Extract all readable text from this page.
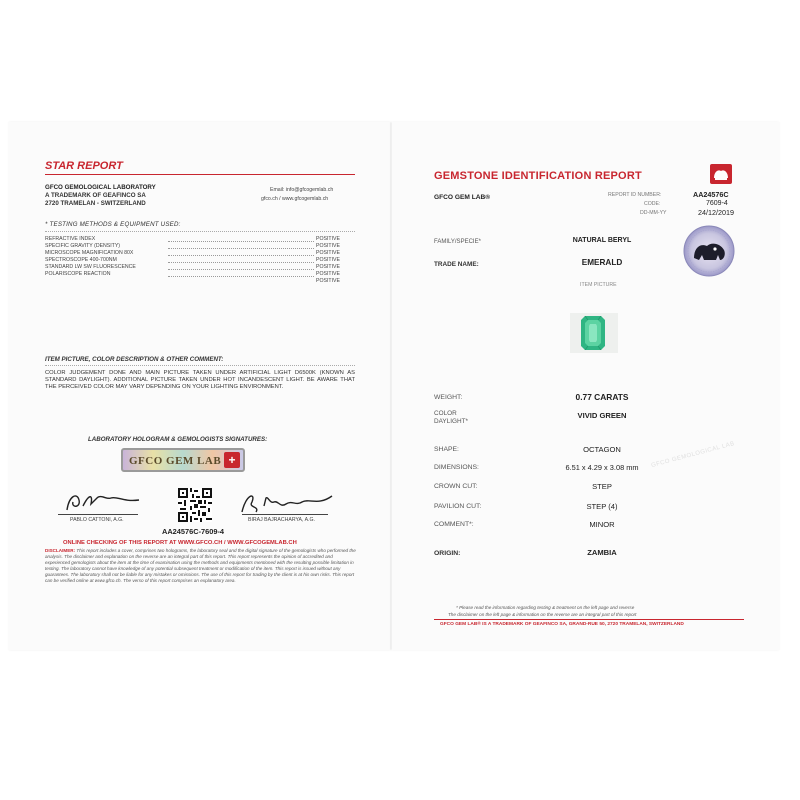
STAR REPORT
GFCO GEMOLOGICAL LABORATORY
A TRADEMARK OF GEAFINCO SA
2720 TRAMELAN - SWITZERLAND
Email: info@gfcogemlab.ch
gfco.ch / www.gfcogemlab.ch
* TESTING METHODS & EQUIPMENT USED:
REFRACTIVE INDEX	POSITIVE
SPECIFIC GRAVITY (DENSITY)	POSITIVE
MICROSCOPE MAGNIFICATION 80X	POSITIVE
SPECTROSCOPE 400-700NM	POSITIVE
STANDARD LW SW FLUORESCENCE	POSITIVE
POLARISCOPE REACTION	POSITIVE
POSITIVE
ITEM PICTURE, COLOR DESCRIPTION & OTHER COMMENT:
COLOR JUDGEMENT DONE AND MAIN PICTURE TAKEN UNDER ARTIFICIAL LIGHT D6500K (KNOWN AS STANDARD DAYLIGHT). ADDITIONAL PICTURE TAKEN UNDER HOT INCANDESCENT LIGHT. BE AWARE THAT THE PERCEIVED COLOR MAY VARY DEPENDING ON YOUR LIGHTING ENVIRONMENT.
LABORATORY HOLOGRAM & GEMOLOGISTS SIGNATURES:
GFCO GEM LAB +
PABLO CATTONI, A.G.	BIRAJ BAJRACHARYA, A.G.
AA24576C-7609-4
ONLINE CHECKING OF THIS REPORT AT WWW.GFCO.CH / WWW.GFCOGEMLAB.CH
DISCLAIMER: This report includes a cover, comprises two holograms, the laboratory seal and the digital signature of the gemologists who performed the analysis. The disclaimer and explanation on the reverse are an integral part of this report. This report represents the opinion of accredited and experienced gemologists about the item at the time of examination using the methods and equipments mentioned with the resulting possible limitation in testing. The laboratory cannot have knowledge of any potential subsequent treatment or modification of the item. This report is issued without any guarantees. The laboratory shall not be liable for any mistakes or omissions. The use of this report for trading by the client is at his own risks. This report can be verified online at www.gfco.ch. The verso of this report comprises an explanatory area.
GEMSTONE IDENTIFICATION REPORT
GFCO GEM LAB®	REPORT ID NUMBER:	AA24576C
CODE:	7609-4
DD-MM-YY	24/12/2019
FAMILY/SPECIE*	NATURAL BERYL
TRADE NAME:	EMERALD
ITEM PICTURE
WEIGHT:	0.77 CARATS
COLOR
DAYLIGHT*
VIVID GREEN
SHAPE:	OCTAGON
DIMENSIONS:	6.51 x 4.29 x 3.08 mm
CROWN CUT:	STEP
PAVILION CUT:	STEP (4)
COMMENT*:	MINOR
ORIGIN:	ZAMBIA
GFCO GEMOLOGICAL LAB
* Please read the information regarding testing & treatment on the left page and reverse
The disclaimer on the left page & information on the reverse are an integral part of this report
GFCO GEM LAB® IS A TRADEMARK OF GEAFINCO SA, GRAND-RUE 50, 2720 TRAMELAN, SWITZERLAND
